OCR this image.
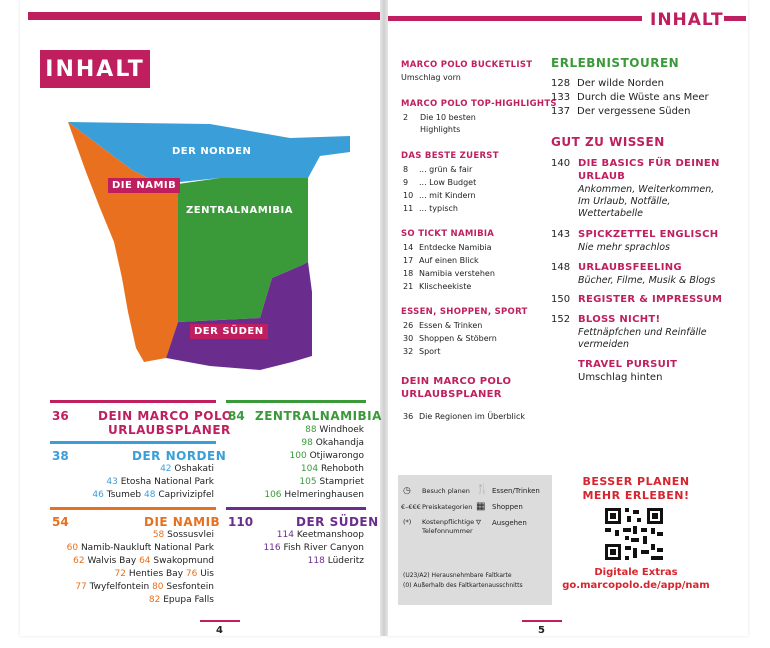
INHALT
DER NORDEN
DIE NAMIB
ZENTRALNAMIBIA
DER SÜDEN
36 DEIN MARCO POLO
URLAUBSPLANER
38	DER NORDEN
42 Oshakati
43 Etosha National Park
46 Tsumeb 48 Caprivizipfel
54	DIE NAMIB
58 Sossusvlei
60 Namib-Naukluft National Park
62 Walvis Bay 64 Swakopmund
72 Henties Bay 76 Uis
77 Twyfelfontein 80 Sesfontein
82 Epupa Falls
84 ZENTRALNAMIBIA
88 Windhoek
98 Okahandja
100 Otjiwarongo
104 Rehoboth
105 Stampriet
106 Helmeringhausen
110	DER SÜDEN
114 Keetmanshoop
116 Fish River Canyon
118 Lüderitz
4
INHALT
MARCO POLO BUCKETLIST
Umschlag vorn
MARCO POLO TOP-HIGHLIGHTS
2 Die 10 besten
Highlights
DAS BESTE ZUERST
8 ... grün & fair
9 ... Low Budget
10 ... mit Kindern
11 ... typisch
SO TICKT NAMIBIA
14 Entdecke Namibia
17 Auf einen Blick
18 Namibia verstehen
21 Klischeekiste
ESSEN, SHOPPEN, SPORT
26 Essen & Trinken
30 Shoppen & Stöbern
32 Sport
DEIN MARCO POLO
URLAUBSPLANER
36 Die Regionen im Überblick
ERLEBNISTOUREN
128 Der wilde Norden
133 Durch die Wüste ans Meer
137 Der vergessene Süden
GUT ZU WISSEN
140 DIE BASICS FÜR DEINEN
URLAUB
Ankommen, Weiterkommen,
Im Urlaub, Notfälle,
Wettertabelle
143 SPICKZETTEL ENGLISCH
Nie mehr sprachlos
148 URLAUBSFEELING
Bücher, Filme, Musik & Blogs
150 REGISTER & IMPRESSUM
152 BLOSS NICHT!
Fettnäpfchen und Reinfälle
vermeiden
TRAVEL PURSUIT
Umschlag hinten
◷ Besuch planen
€–€€€ Preiskategorien
(*) Kostenpflichtige
Telefonnummer
🍴 Essen/Trinken
▦ Shoppen
▿ Ausgehen
(U23/A2) Herausnehmbare Faltkarte
(0) Außerhalb des Faltkartenausschnitts
BESSER PLANEN
MEHR ERLEBEN!
Digitale Extras
go.marcopolo.de/app/nam
5
